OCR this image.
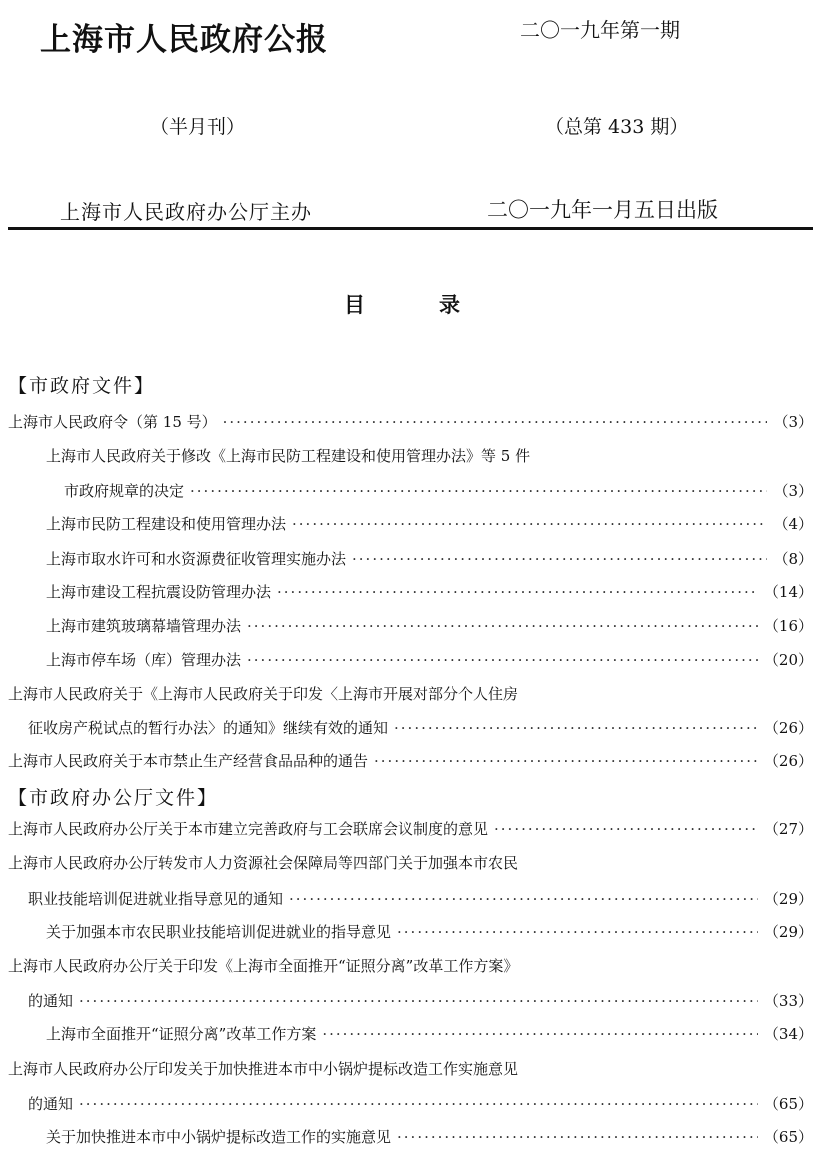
上海市人民政府公报	二〇一九年第一期
（半月刊）	（总第 433 期）
上海市人民政府办公厅主办	二〇一九年一月五日出版
目录
【市政府文件】
上海市人民政府令（第 15 号） ·····	（3）
上海市人民政府关于修改《上海市民防工程建设和使用管理办法》等 5 件
市政府规章的决定 ·····	（3）
上海市民防工程建设和使用管理办法 ·····	（4）
上海市取水许可和水资源费征收管理实施办法 ·····	（8）
上海市建设工程抗震设防管理办法 ·····	（14）
上海市建筑玻璃幕墙管理办法 ·····	（16）
上海市停车场（库）管理办法 ·····	（20）
上海市人民政府关于《上海市人民政府关于印发〈上海市开展对部分个人住房
征收房产税试点的暂行办法〉的通知》继续有效的通知 ·····	（26）
上海市人民政府关于本市禁止生产经营食品品种的通告 ·····	（26）
【市政府办公厅文件】
上海市人民政府办公厅关于本市建立完善政府与工会联席会议制度的意见 ·····	（27）
上海市人民政府办公厅转发市人力资源社会保障局等四部门关于加强本市农民
职业技能培训促进就业指导意见的通知 ·····	（29）
关于加强本市农民职业技能培训促进就业的指导意见 ·····	（29）
上海市人民政府办公厅关于印发《上海市全面推开“证照分离”改革工作方案》
的通知 ·····	（33）
上海市全面推开“证照分离”改革工作方案 ·····	（34）
上海市人民政府办公厅印发关于加快推进本市中小锅炉提标改造工作实施意见
的通知 ·····	（65）
关于加快推进本市中小锅炉提标改造工作的实施意见 ·····	（65）
